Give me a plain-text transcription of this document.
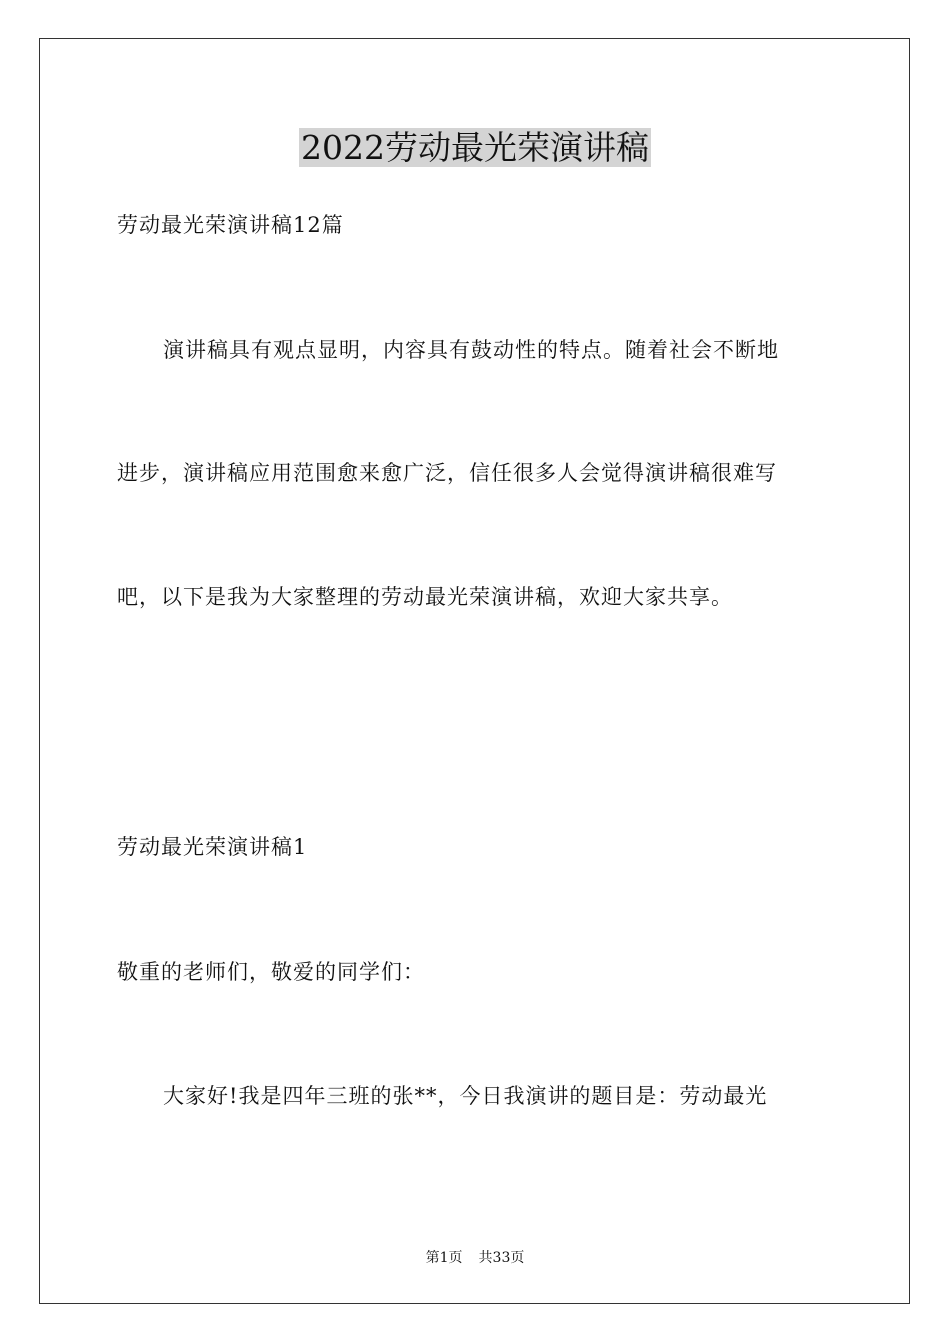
2022劳动最光荣演讲稿
劳动最光荣演讲稿12篇
演讲稿具有观点显明，内容具有鼓动性的特点。随着社会不断地
进步，演讲稿应用范围愈来愈广泛，信任很多人会觉得演讲稿很难写
吧，以下是我为大家整理的劳动最光荣演讲稿，欢迎大家共享。
劳动最光荣演讲稿1
敬重的老师们，敬爱的同学们：
大家好!我是四年三班的张**，今日我演讲的题目是：劳动最光
第1页 共33页
